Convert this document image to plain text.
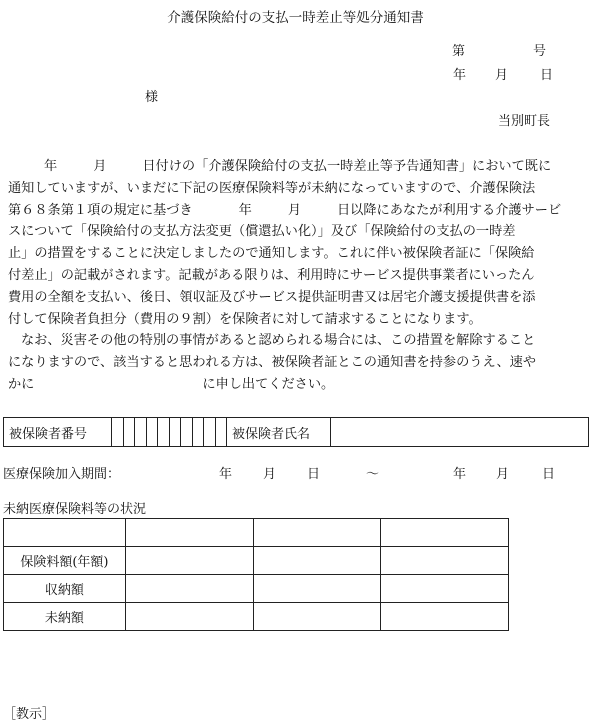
介護保険給付の支払一時差止等処分通知書
第	号
年 月 日
様
当別町長

年	月	日付けの「介護保険給付の支払一時差止等予告通知書」において既に

通知していますが、いまだに下記の医療保険料等が未納になっていますので、介護保険法

第６８条第１項の規定に基づき	年	月	日以降にあなたが利用する介護サービ

スについて「保険給付の支払方法変更（償還払い化）」及び「保険給付の支払の一時差

止」の措置をすることに決定しましたので通知します。これに伴い被保険者証に「保険給

付差止」の記載がされます。記載がある限りは、利用時にサービス提供事業者にいったん

費用の全額を支払い、後日、領収証及びサービス提供証明書又は居宅介護支援提供書を添

付して保険者負担分（費用の９割）を保険者に対して請求することになります。

なお、災害その他の特別の事情があると認められる場合には、この措置を解除すること

になりますので、該当すると思われる方は、被保険者証とこの通知書を持参のうえ、速や

かに	に申し出てください。

被保険者番号											被保険者氏名	
医療保険加入期間：	年 月 日	～	年 月	日
未納医療保険料等の状況

保険料額(年額)			
収納額			
未納額			
［教示］
